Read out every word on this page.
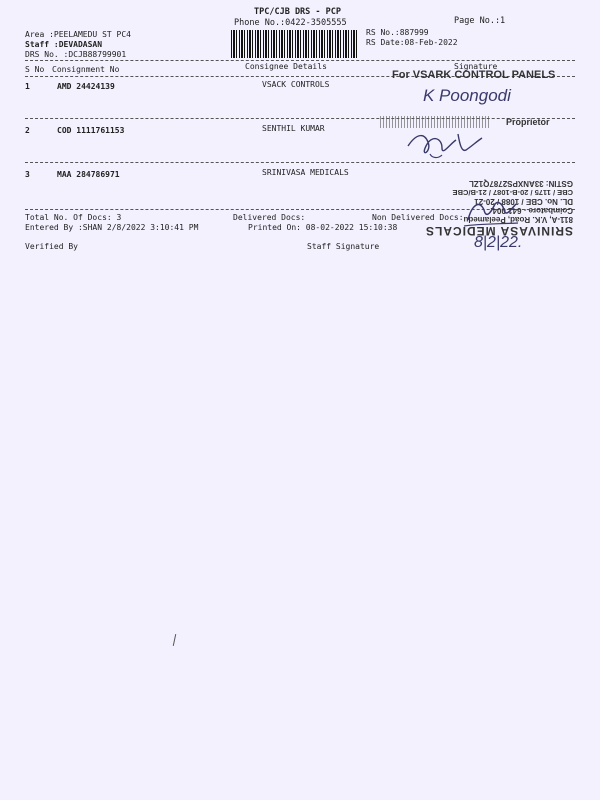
TPC/CJB DRS - PCP
Phone No.:0422-3505555	Page No.:1
Area :PEELAMEDU ST PC4
Staff :DEVADASAN
DRS No. :DCJB88799901
RS No.:887999
RS Date:08-Feb-2022
S No Consignment No	Consignee Details	Signature
1	AMD 24424139	VSACK CONTROLS
2	COD 1111761153	SENTHIL KUMAR
3	MAA 284786971	SRINIVASA MEDICALS
Total No. Of Docs: 3	Delivered Docs:	Non Delivered Docs:
Entered By :SHAN 2/8/2022 3:10:41 PM	Printed On: 08-02-2022 15:10:38
Verified By	Staff Signature
For VSARK CONTROL PANELS
K Poongodi
Proprietor
SRINIVASA MEDICALS
811-A, V.K. Road, Peelamedu
Coimbatore - 641 004.
DL. No. CBE / 1088 / 20-21
CBE / 1175 / 20-B-1087 / 21-B/CBE
GSTIN: 33ANXPS2787Q1ZL
8|2|22.
